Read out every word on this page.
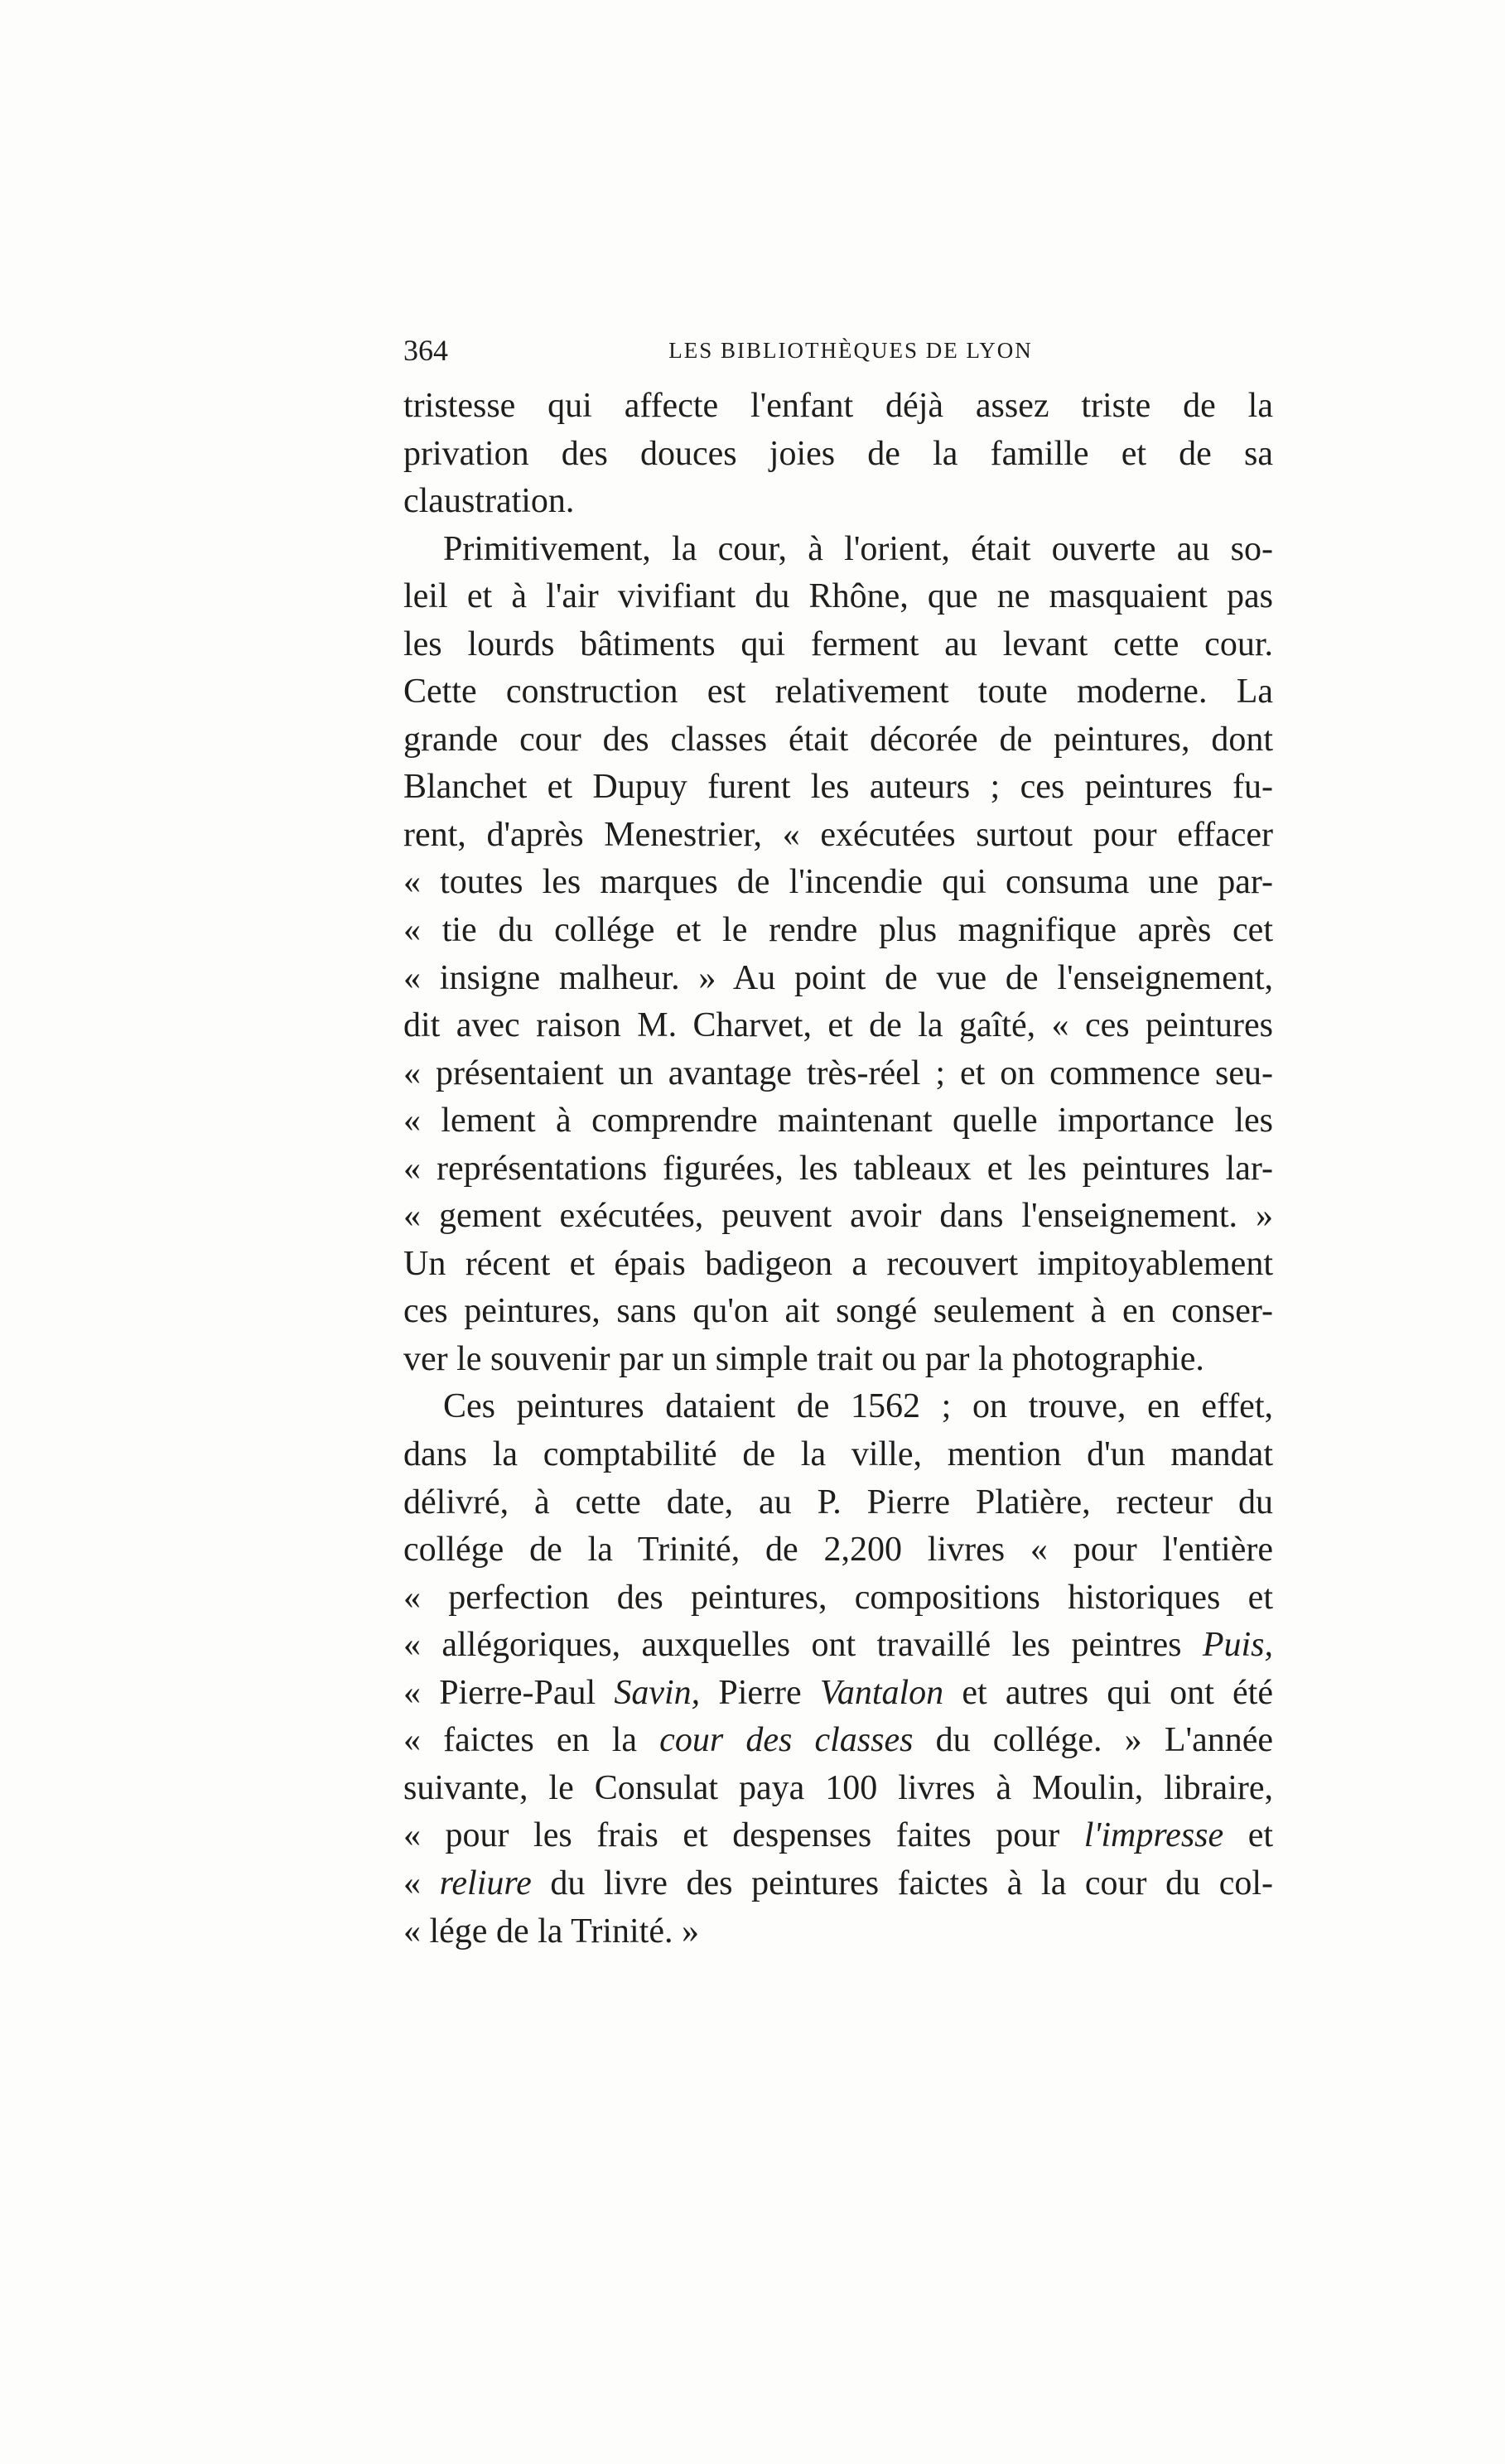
364	LES BIBLIOTHÈQUES DE LYON
tristesse qui affecte l'enfant déjà assez triste de la
privation des douces joies de la famille et de sa
claustration.
Primitivement, la cour, à l'orient, était ouverte au so-
leil et à l'air vivifiant du Rhône, que ne masquaient pas
les lourds bâtiments qui ferment au levant cette cour.
Cette construction est relativement toute moderne. La
grande cour des classes était décorée de peintures, dont
Blanchet et Dupuy furent les auteurs ; ces peintures fu-
rent, d'après Menestrier, « exécutées surtout pour effacer
« toutes les marques de l'incendie qui consuma une par-
« tie du collége et le rendre plus magnifique après cet
« insigne malheur. » Au point de vue de l'enseignement,
dit avec raison M. Charvet, et de la gaîté, « ces peintures
« présentaient un avantage très-réel ; et on commence seu-
« lement à comprendre maintenant quelle importance les
« représentations figurées, les tableaux et les peintures lar-
« gement exécutées, peuvent avoir dans l'enseignement. »
Un récent et épais badigeon a recouvert impitoyablement
ces peintures, sans qu'on ait songé seulement à en conser-
ver le souvenir par un simple trait ou par la photographie.
Ces peintures dataient de 1562 ; on trouve, en effet,
dans la comptabilité de la ville, mention d'un mandat
délivré, à cette date, au P. Pierre Platière, recteur du
collége de la Trinité, de 2,200 livres « pour l'entière
« perfection des peintures, compositions historiques et
« allégoriques, auxquelles ont travaillé les peintres Puis,
« Pierre-Paul Savin, Pierre Vantalon et autres qui ont été
« faictes en la cour des classes du collége. » L'année
suivante, le Consulat paya 100 livres à Moulin, libraire,
« pour les frais et despenses faites pour l'impresse et
« reliure du livre des peintures faictes à la cour du col-
« lége de la Trinité. »
